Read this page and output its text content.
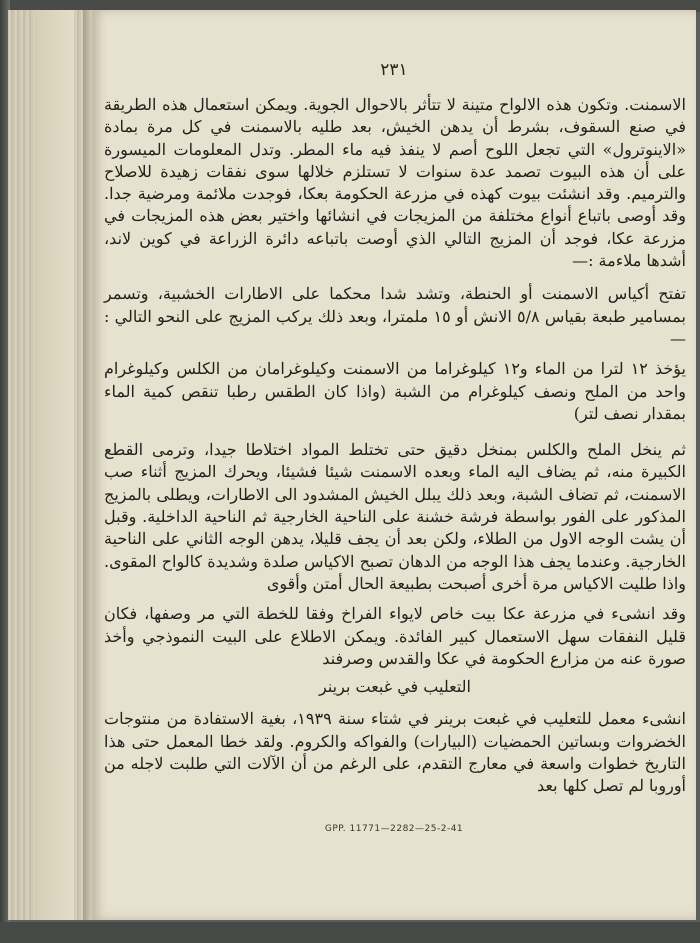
٢٣١

الاسمنت. وتكون هذه الالواح متينة لا تتأثر بالاحوال الجوية. ويمكن استعمال هذه الطريقة في صنع السقوف، بشرط أن يدهن الخيش، بعد طليه بالاسمنت في كل مرة بمادة «الاينوترول» التي تجعل اللوح أصم لا ينفذ فيه ماء المطر. وتدل المعلومات الميسورة على أن هذه البيوت تصمد عدة سنوات لا تستلزم خلالها سوى نفقات زهيدة للاصلاح والترميم. وقد انشئت بيوت كهذه في مزرعة الحكومة بعكا، فوجدت ملائمة ومرضية جدا. وقد أوصى باتباع أنواع مختلفة من المزيجات في انشائها واختير بعض هذه المزيجات في مزرعة عكا، فوجد أن المزيج التالي الذي أوصت باتباعه دائرة الزراعة في كوين لاند، أشدها ملاءمة :—

تفتح أكياس الاسمنت أو الحنطة، وتشد شدا محكما على الاطارات الخشبية، وتسمر بمسامير طبعة بقياس ٥/٨ الانش أو ١٥ ملمترا، وبعد ذلك يركب المزيج على النحو التالي :—

يؤخذ ١٢ لترا من الماء و١٢ كيلوغراما من الاسمنت وكيلوغرامان من الكلس وكيلوغرام واحد من الملح ونصف كيلوغرام من الشبة (واذا كان الطقس رطبا تنقص كمية الماء بمقدار نصف لتر)

ثم ينخل الملح والكلس بمنخل دقيق حتى تختلط المواد اختلاطا جيدا، وترمى القطع الكبيرة منه، ثم يضاف اليه الماء وبعده الاسمنت شيئا فشيئا، ويحرك المزيج أثناء صب الاسمنت، ثم تضاف الشبة، وبعد ذلك يبلل الخيش المشدود الى الاطارات، ويطلى بالمزيج المذكور على الفور بواسطة فرشة خشنة على الناحية الخارجية ثم الناحية الداخلية. وقبل أن يشت الوجه الاول من الطلاء، ولكن بعد أن يجف قليلا، يدهن الوجه الثاني على الناحية الخارجية. وعندما يجف هذا الوجه من الدهان تصبح الاكياس صلدة وشديدة كالواح المقوى. واذا طليت الاكياس مرة أخرى أصبحت بطبيعة الحال أمتن وأقوى

وقد انشىء في مزرعة عكا بيت خاص لايواء الفراخ وفقا للخطة التي مر وصفها، فكان قليل النفقات سهل الاستعمال كبير الفائدة. ويمكن الاطلاع على البيت النموذجي وأخذ صورة عنه من مزارع الحكومة في عكا والقدس وصرفند

التعليب في غبعت برينر

انشىء معمل للتعليب في غبعت برينر في شتاء سنة ١٩٣٩، بغية الاستفادة من منتوجات الخضروات وبساتين الحمضيات (البيارات) والفواكه والكروم. ولقد خطا المعمل حتى هذا التاريخ خطوات واسعة في معارج التقدم، على الرغم من أن الآلات التي طلبت لاجله من أوروبا لم تصل كلها بعد

GPP. 11771—2282—25-2-41
